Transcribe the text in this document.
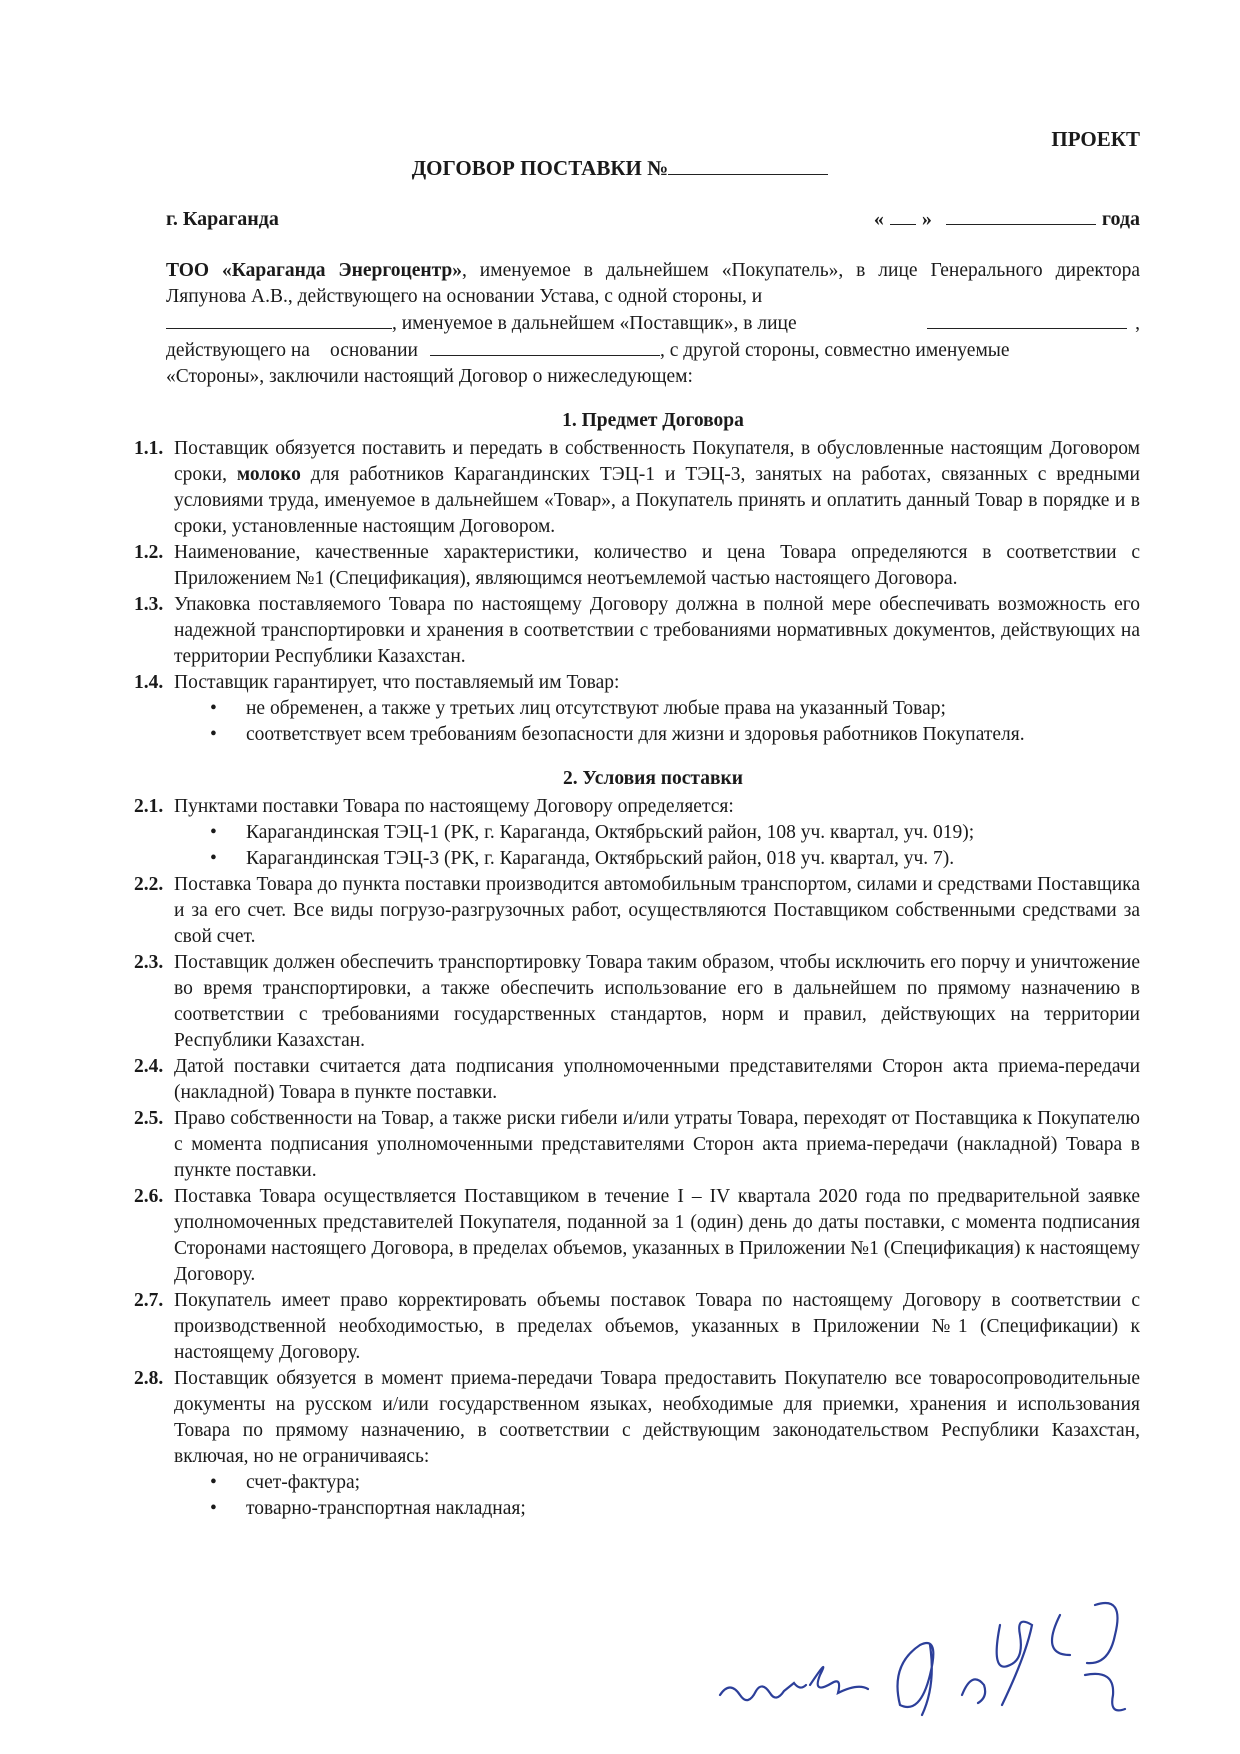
ПРОЕКТ
ДОГОВОР ПОСТАВКИ №
г. Караганда	« »	года

ТОО «Караганда Энергоцентр», именуемое в дальнейшем «Покупатель», в лице Генерального директора Ляпунова А.В., действующего на основании Устава, с одной стороны, и

, именуемое в дальнейшем «Поставщик», в лице	,
действующего на основании	, с другой стороны, совместно именуемые

«Стороны», заключили настоящий Договор о нижеследующем:

1. Предмет Договора
1.1. Поставщик обязуется поставить и передать в собственность Покупателя, в обусловленные настоящим Договором сроки, молоко для работников Карагандинских ТЭЦ-1 и ТЭЦ-3, занятых на работах, связанных с вредными условиями труда, именуемое в дальнейшем «Товар», а Покупатель принять и оплатить данный Товар в порядке и в сроки, установленные настоящим Договором.
1.2. Наименование, качественные характеристики, количество и цена Товара определяются в соответствии с Приложением №1 (Спецификация), являющимся неотъемлемой частью настоящего Договора.
1.3. Упаковка поставляемого Товара по настоящему Договору должна в полной мере обеспечивать возможность его надежной транспортировки и хранения в соответствии с требованиями нормативных документов, действующих на территории Республики Казахстан.
1.4. Поставщик гарантирует, что поставляемый им Товар:
•	не обременен, а также у третьих лиц отсутствуют любые права на указанный Товар;
•	соответствует всем требованиям безопасности для жизни и здоровья работников Покупателя.
2. Условия поставки
2.1. Пунктами поставки Товара по настоящему Договору определяется:
•	Карагандинская ТЭЦ-1 (РК, г. Караганда, Октябрьский район, 108 уч. квартал, уч. 019);
•	Карагандинская ТЭЦ-3 (РК, г. Караганда, Октябрьский район, 018 уч. квартал, уч. 7).
2.2. Поставка Товара до пункта поставки производится автомобильным транспортом, силами и средствами Поставщика и за его счет. Все виды погрузо-разгрузочных работ, осуществляются Поставщиком собственными средствами за свой счет.
2.3. Поставщик должен обеспечить транспортировку Товара таким образом, чтобы исключить его порчу и уничтожение во время транспортировки, а также обеспечить использование его в дальнейшем по прямому назначению в соответствии с требованиями государственных стандартов, норм и правил, действующих на территории Республики Казахстан.
2.4. Датой поставки считается дата подписания уполномоченными представителями Сторон акта приема-передачи (накладной) Товара в пункте поставки.
2.5. Право собственности на Товар, а также риски гибели и/или утраты Товара, переходят от Поставщика к Покупателю с момента подписания уполномоченными представителями Сторон акта приема-передачи (накладной) Товара в пункте поставки.
2.6. Поставка Товара осуществляется Поставщиком в течение I – IV квартала 2020 года по предварительной заявке уполномоченных представителей Покупателя, поданной за 1 (один) день до даты поставки, с момента подписания Сторонами настоящего Договора, в пределах объемов, указанных в Приложении №1 (Спецификация) к настоящему Договору.
2.7. Покупатель имеет право корректировать объемы поставок Товара по настоящему Договору в соответствии с производственной необходимостью, в пределах объемов, указанных в Приложении №1 (Спецификации) к настоящему Договору.
2.8. Поставщик обязуется в момент приема-передачи Товара предоставить Покупателю все товаросопроводительные документы на русском и/или государственном языках, необходимые для приемки, хранения и использования Товара по прямому назначению, в соответствии с действующим законодательством Республики Казахстан, включая, но не ограничиваясь:
•	счет-фактура;
•	товарно-транспортная накладная;
